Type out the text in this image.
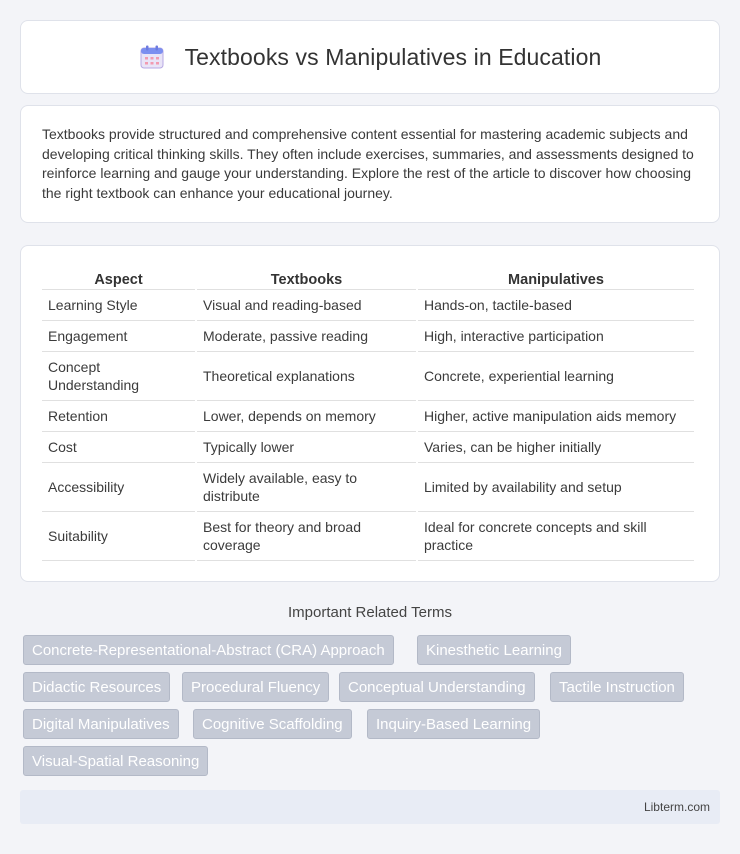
Textbooks vs Manipulatives in Education

Textbooks provide structured and comprehensive content essential for mastering academic subjects and developing critical thinking skills. They often include exercises, summaries, and assessments designed to reinforce learning and gauge your understanding. Explore the rest of the article to discover how choosing the right textbook can enhance your educational journey.

Aspect	Textbooks	Manipulatives
Learning Style	Visual and reading-based	Hands-on, tactile-based
Engagement	Moderate, passive reading	High, interactive participation
Concept Understanding	Theoretical explanations	Concrete, experiential learning
Retention	Lower, depends on memory	Higher, active manipulation aids memory
Cost	Typically lower	Varies, can be higher initially
Accessibility	Widely available, easy to distribute	Limited by availability and setup
Suitability	Best for theory and broad coverage	Ideal for concrete concepts and skill practice
Important Related Terms
Concrete-Representational-Abstract (CRA) Approach	Kinesthetic Learning
Didactic Resources	Procedural Fluency	Conceptual Understanding	Tactile Instruction
Digital Manipulatives	Cognitive Scaffolding	Inquiry-Based Learning
Visual-Spatial Reasoning
Libterm.com
